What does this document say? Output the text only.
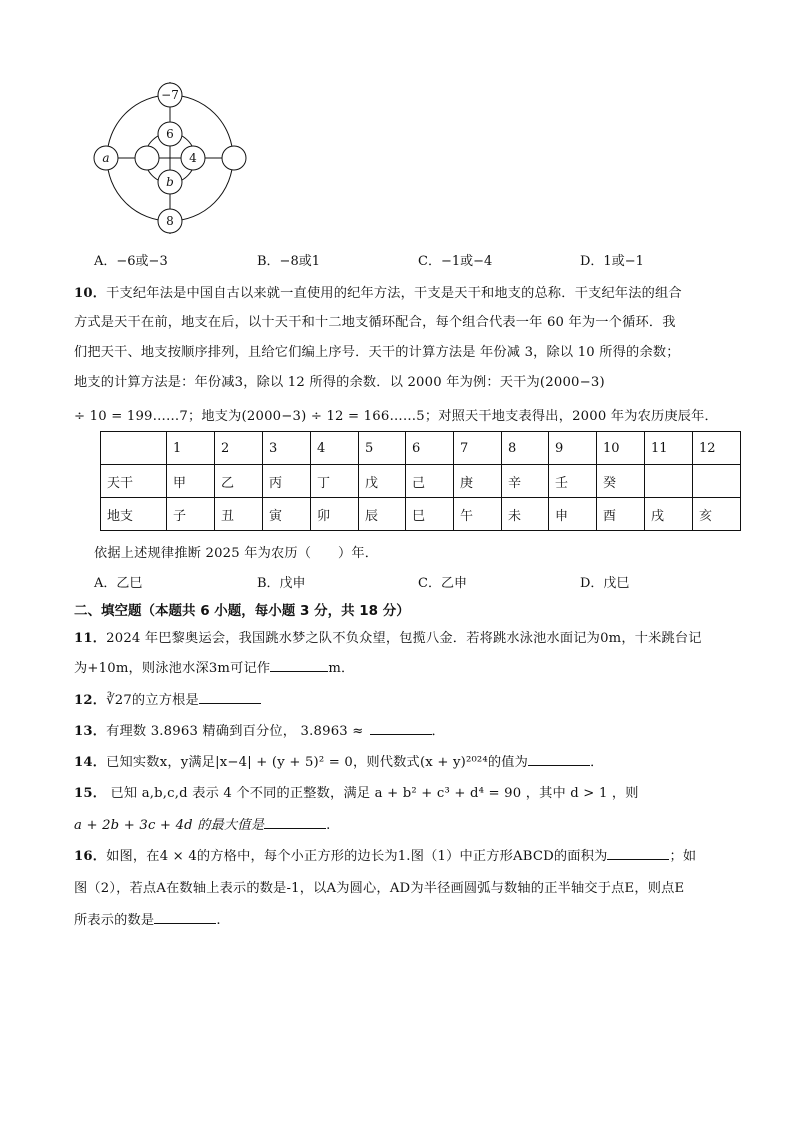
−7
6
a	4
b
8
A．−6或−3	B．−8或1	C．−1或−4	D．1或−1
10．干支纪年法是中国自古以来就一直使用的纪年方法，干支是天干和地支的总称．干支纪年法的组合
方式是天干在前，地支在后，以十天干和十二地支循环配合，每个组合代表一年 60 年为一个循环．我
们把天干、地支按顺序排列，且给它们编上序号．天干的计算方法是 年份减 3，除以 10 所得的余数；
地支的计算方法是：年份减3，除以 12 所得的余数．以 2000 年为例：天干为(2000−3)
÷ 10 = 199……7；地支为(2000−3) ÷ 12 = 166……5；对照天干地支表得出，2000 年为农历庚辰年．
	1	2	3	4	5	6	7	8	9	10	11	12
天干	甲	乙	丙	丁	戊	己	庚	辛	壬	癸		
地支	子	丑	寅	卯	辰	巳	午	未	申	酉	戌	亥
依据上述规律推断 2025 年为农历（　　）年．
A．乙巳	B．戊申	C．乙申	D．戊巳
二、填空题（本题共 6 小题，每小题 3 分，共 18 分）
11．2024 年巴黎奥运会，我国跳水梦之队不负众望，包揽八金．若将跳水泳池水面记为0m，十米跳台记
为+10m，则泳池水深3m可记作	m．
12．∛27的立方根是
13．有理数 3.8963 精确到百分位， 3.8963 ≈	．
14．已知实数x，y满足|x−4| + (y + 5)² = 0，则代数式(x + y)²⁰²⁴的值为	．
15． 已知 a,b,c,d 表示 4 个不同的正整数，满足 a + b² + c³ + d⁴ = 90 ，其中 d > 1 ，则
a + 2b + 3c + 4d 的最大值是	.
16．如图，在4 × 4的方格中，每个小正方形的边长为1.图（1）中正方形ABCD的面积为	；如
图（2），若点A在数轴上表示的数是-1，以A为圆心，AD为半径画圆弧与数轴的正半轴交于点E，则点E
所表示的数是	.
